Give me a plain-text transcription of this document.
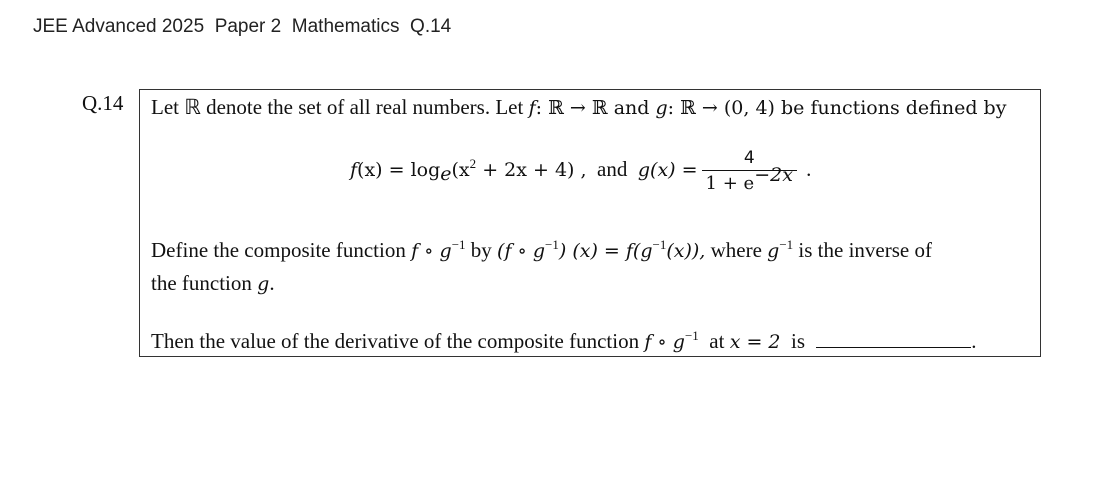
JEE Advanced 2025  Paper 2  Mathematics  Q.14
Q.14 Let ℝ denote the set of all real numbers. Let f: ℝ → ℝ and g: ℝ → (0, 4) be functions defined by
$f(x) = \log_e(x^2 + 2x + 4)$ ,  and  $g(x) = \frac{4}{1 + e^{-2x}}$ .
Define the composite function f ∘ $g^{-1}$ by (f ∘ $g^{-1}$) $(x) = f(g^{-1}(x))$, where $g^{-1}$ is the inverse of
the function g.
Then the value of the derivative of the composite function f ∘ $g^{-1}$  at x = 2  is	.
